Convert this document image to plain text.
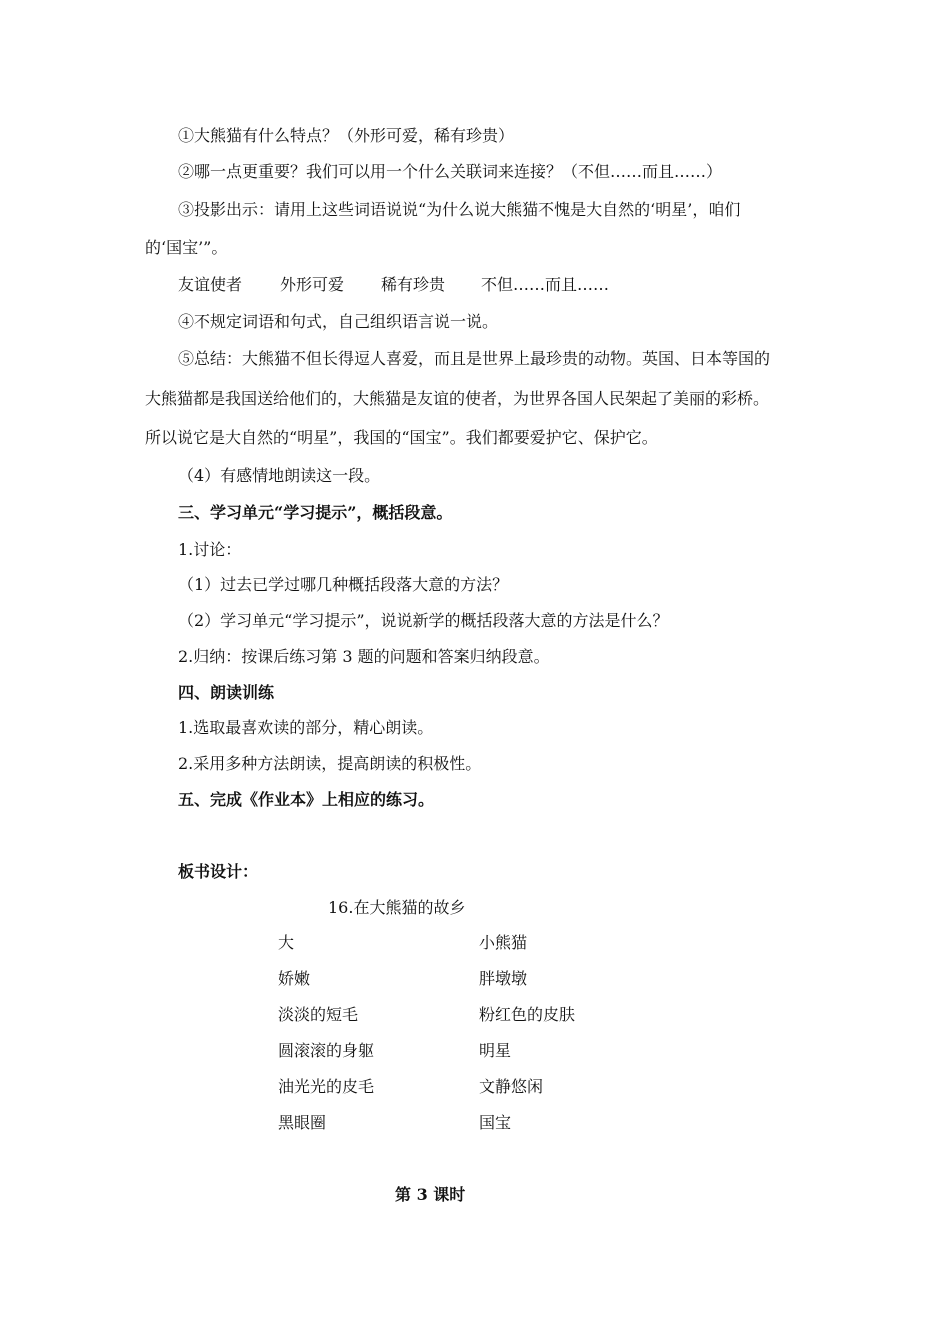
①大熊猫有什么特点？（外形可爱，稀有珍贵）
②哪一点更重要？我们可以用一个什么关联词来连接？（不但……而且……）
③投影出示：请用上这些词语说说“为什么说大熊猫不愧是大自然的‘明星’，咱们
的‘国宝’”。
友谊使者 外形可爱 稀有珍贵 不但……而且……
④不规定词语和句式，自己组织语言说一说。
⑤总结：大熊猫不但长得逗人喜爱，而且是世界上最珍贵的动物。英国、日本等国的
大熊猫都是我国送给他们的，大熊猫是友谊的使者，为世界各国人民架起了美丽的彩桥。
所以说它是大自然的“明星”，我国的“国宝”。我们都要爱护它、保护它。
（4）有感情地朗读这一段。
三、学习单元“学习提示”，概括段意。
1.讨论：
（1）过去已学过哪几种概括段落大意的方法？
（2）学习单元“学习提示”，说说新学的概括段落大意的方法是什么？
2.归纳：按课后练习第 3 题的问题和答案归纳段意。
四、朗读训练
1.选取最喜欢读的部分，精心朗读。
2.采用多种方法朗读，提高朗读的积极性。
五、完成《作业本》上相应的练习。
板书设计：
16.在大熊猫的故乡
大
娇嫩
淡淡的短毛
圆滚滚的身躯
油光光的皮毛
黑眼圈
小熊猫
胖墩墩
粉红色的皮肤
明星
文静悠闲
国宝
第 3 课时
